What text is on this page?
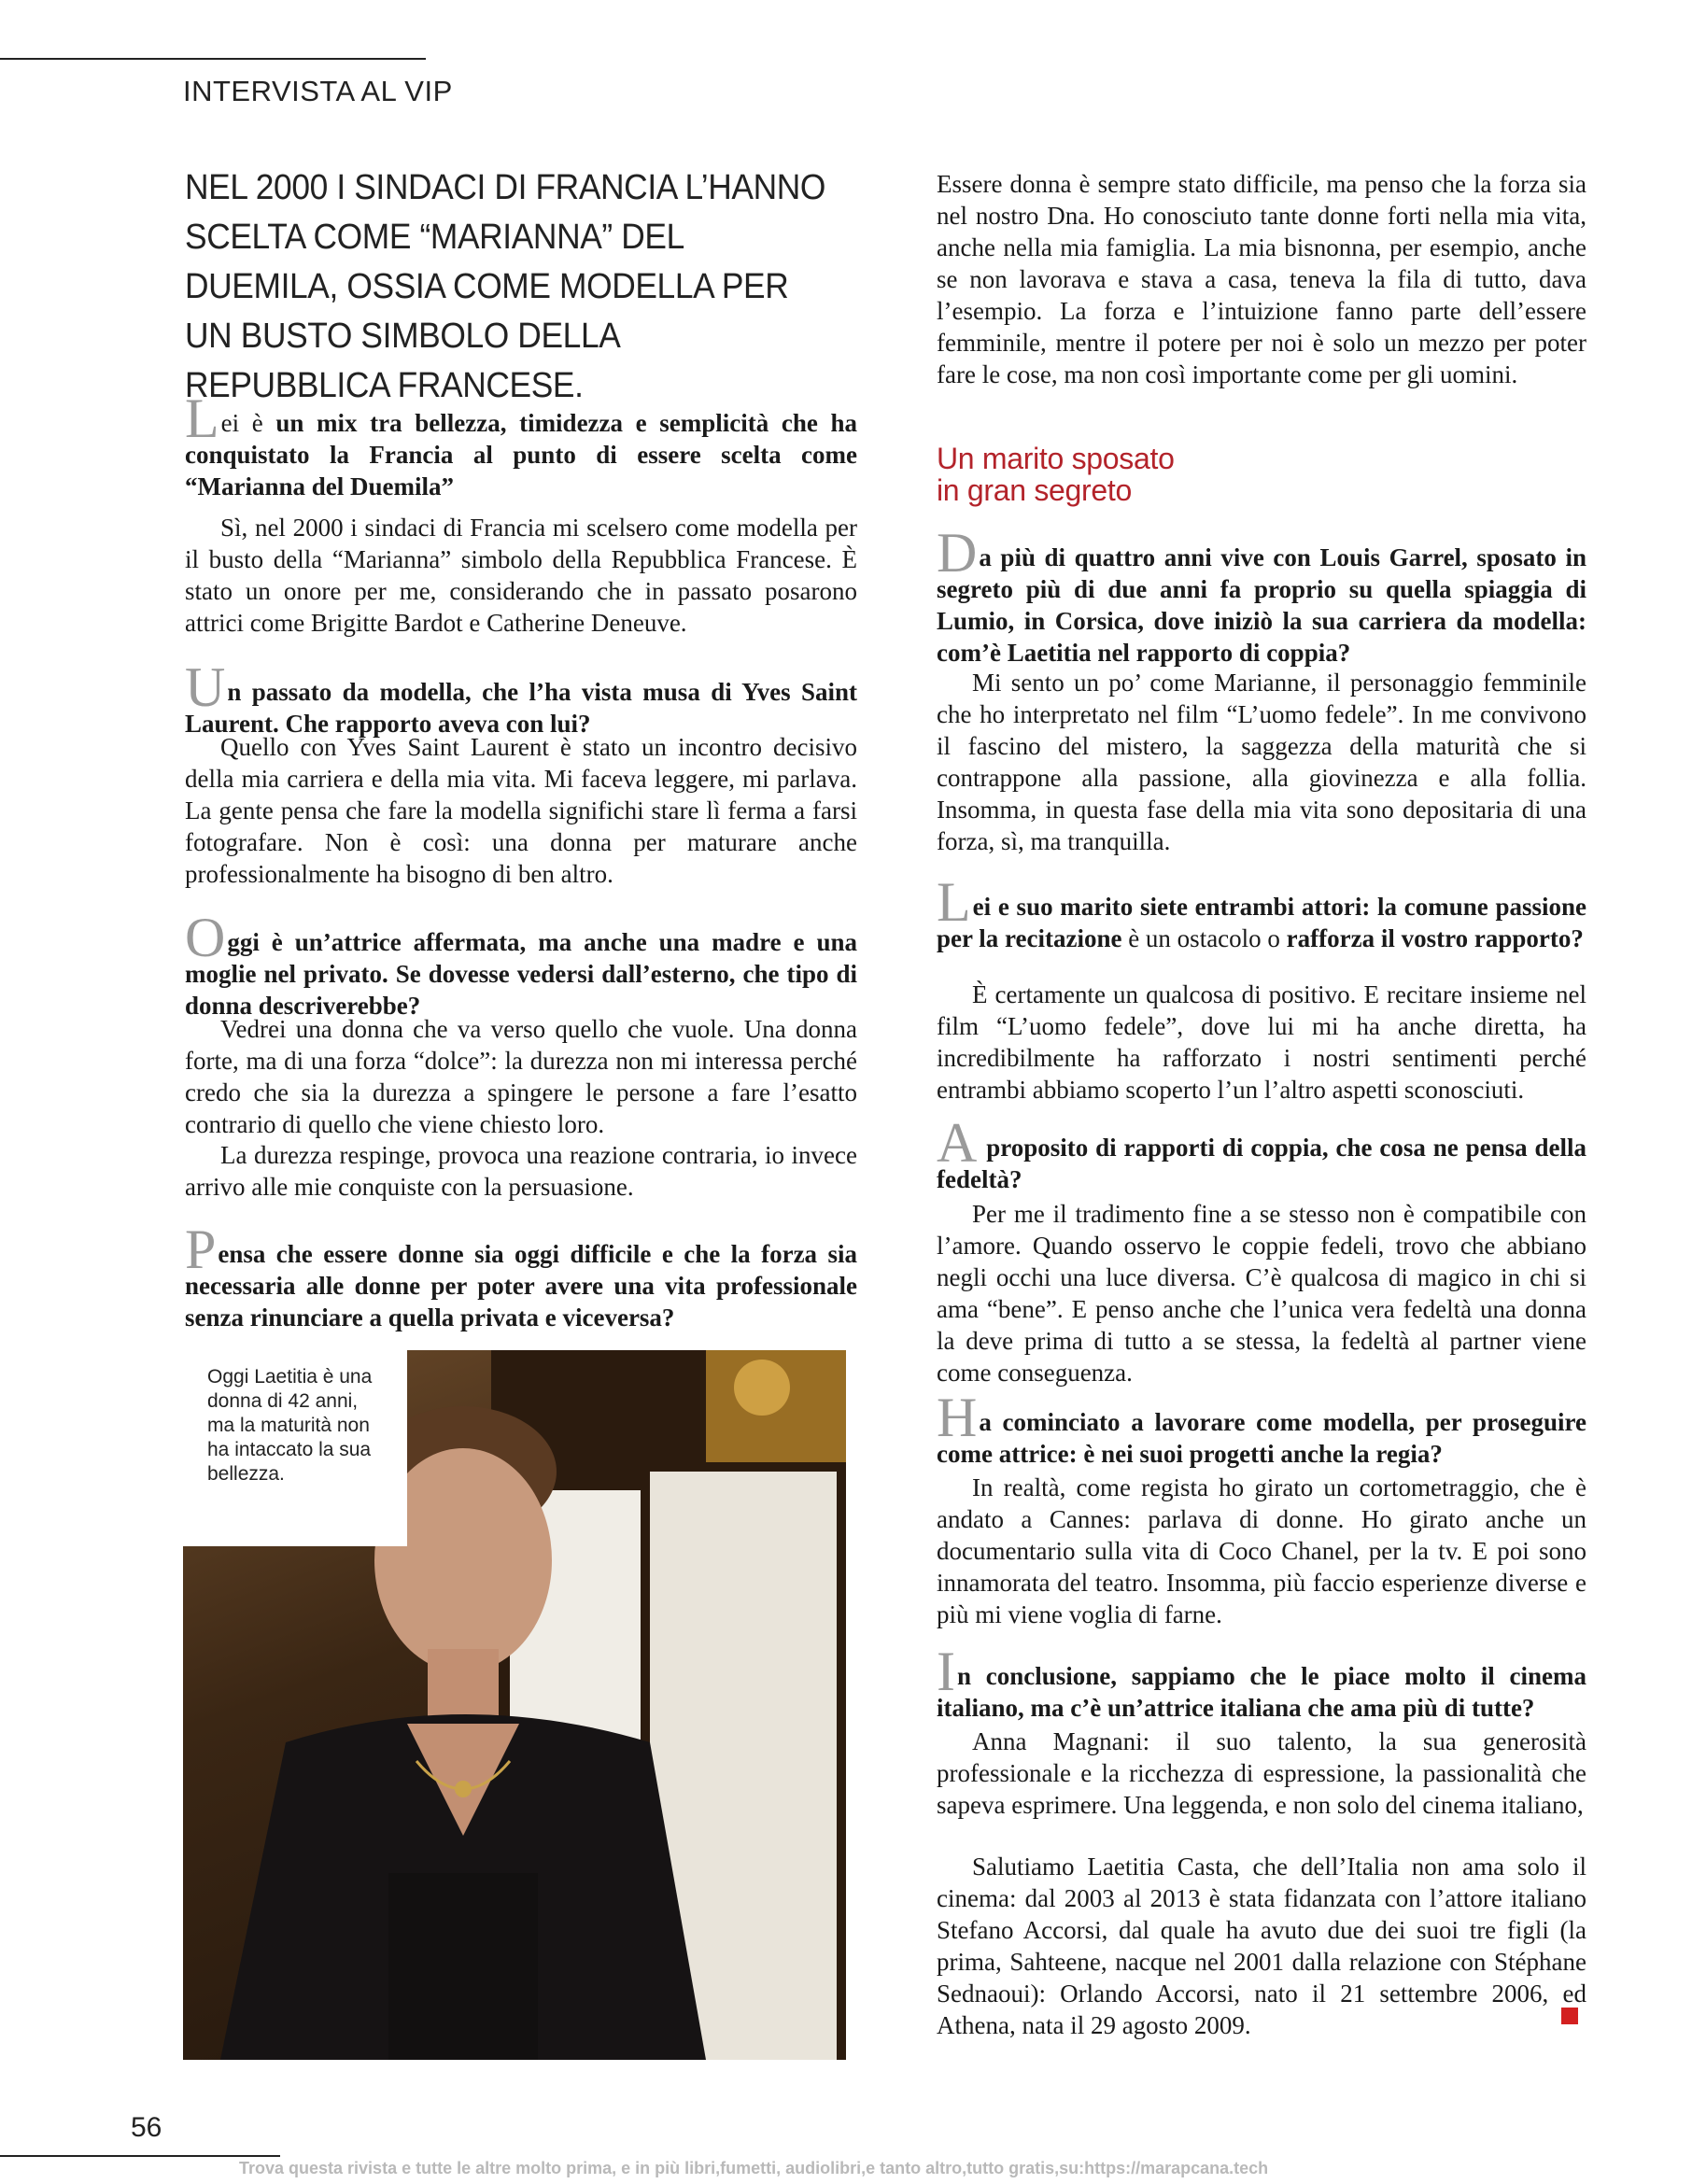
INTERVISTA AL VIP
NEL 2000 I SINDACI DI FRANCIA L’HANNO SCELTA COME “MARIANNA” DEL DUEMILA, OSSIA COME MODELLA PER UN BUSTO SIMBOLO DELLA REPUBBLICA FRANCESE.
Lei è un mix tra bellezza, timidezza e semplicità che ha conquistato la Francia al punto di essere scelta come “Marianna del Duemila”
Sì, nel 2000 i sindaci di Francia mi scelsero come modella per il busto della “Marianna” simbolo della Repubblica Francese. È stato un onore per me, considerando che in passato posarono attrici come Brigitte Bardot e Catherine Deneuve.
Un passato da modella, che l’ha vista musa di Yves Saint Laurent. Che rapporto aveva con lui?
Quello con Yves Saint Laurent è stato un incontro decisivo della mia carriera e della mia vita. Mi faceva leggere, mi parlava. La gente pensa che fare la modella significhi stare lì ferma a farsi fotografare. Non è così: una donna per maturare anche professionalmente ha bisogno di ben altro.
Oggi è un’attrice affermata, ma anche una madre e una moglie nel privato. Se dovesse vedersi dall’esterno, che tipo di donna descriverebbe?
Vedrei una donna che va verso quello che vuole. Una donna forte, ma di una forza “dolce”: la durezza non mi interessa perché credo che sia la durezza a spingere le persone a fare l’esatto contrario di quello che viene chiesto loro.
La durezza respinge, provoca una reazione contraria, io invece arrivo alle mie conquiste con la persuasione.
Pensa che essere donne sia oggi difficile e che la forza sia necessaria alle donne per poter avere una vita professionale senza rinunciare a quella privata e viceversa?
Oggi Laetitia è una donna di 42 anni, ma la maturità non ha intaccato la sua bellezza.
Essere donna è sempre stato difficile, ma penso che la forza sia nel nostro Dna. Ho conosciuto tante donne forti nella mia vita, anche nella mia famiglia. La mia bisnonna, per esempio, anche se non lavorava e stava a casa, teneva la fila di tutto, dava l’esempio. La forza e l’intuizione fanno parte dell’essere femminile, mentre il potere per noi è solo un mezzo per poter fare le cose, ma non così importante come per gli uomini.
Un marito sposato
in gran segreto
Da più di quattro anni vive con Louis Garrel, sposato in segreto più di due anni fa proprio su quella spiaggia di Lumio, in Corsica, dove iniziò la sua carriera da modella: com’è Laetitia nel rapporto di coppia?
Mi sento un po’ come Marianne, il personaggio femminile che ho interpretato nel film “L’uomo fedele”. In me convivono il fascino del mistero, la saggezza della maturità che si contrappone alla passione, alla giovinezza e alla follia. Insomma, in questa fase della mia vita sono depositaria di una forza, sì, ma tranquilla.
Lei e suo marito siete entrambi attori: la comune passione per la recitazione è un ostacolo o rafforza il vostro rapporto?
È certamente un qualcosa di positivo. E recitare insieme nel film “L’uomo fedele”, dove lui mi ha anche diretta, ha incredibilmente ha rafforzato i nostri sentimenti perché entrambi abbiamo scoperto l’un l’altro aspetti sconosciuti.
A proposito di rapporti di coppia, che cosa ne pensa della fedeltà?
Per me il tradimento fine a se stesso non è compatibile con l’amore. Quando osservo le coppie fedeli, trovo che abbiano negli occhi una luce diversa. C’è qualcosa di magico in chi si ama “bene”. E penso anche che l’unica vera fedeltà una donna la deve prima di tutto a se stessa, la fedeltà al partner viene come conseguenza.
Ha cominciato a lavorare come modella, per proseguire come attrice: è nei suoi progetti anche la regia?
In realtà, come regista ho girato un cortometraggio, che è andato a Cannes: parlava di donne. Ho girato anche un documentario sulla vita di Coco Chanel, per la tv. E poi sono innamorata del teatro. Insomma, più faccio esperienze diverse e più mi viene voglia di farne.
In conclusione, sappiamo che le piace molto il cinema italiano, ma c’è un’attrice italiana che ama più di tutte?
Anna Magnani: il suo talento, la sua generosità professionale e la ricchezza di espressione, la passionalità che sapeva esprimere. Una leggenda, e non solo del cinema italiano,
Salutiamo Laetitia Casta, che dell’Italia non ama solo il cinema: dal 2003 al 2013 è stata fidanzata con l’attore italiano Stefano Accorsi, dal quale ha avuto due dei suoi tre figli (la prima, Sahteene, nacque nel 2001 dalla relazione con Stéphane Sednaoui): Orlando Accorsi, nato il 21 settembre 2006, ed Athena, nata il 29 agosto 2009.
56
Trova questa rivista e tutte le altre molto prima, e in più libri,fumetti, audiolibri,e tanto altro,tutto gratis,su:https://marapcana.tech
